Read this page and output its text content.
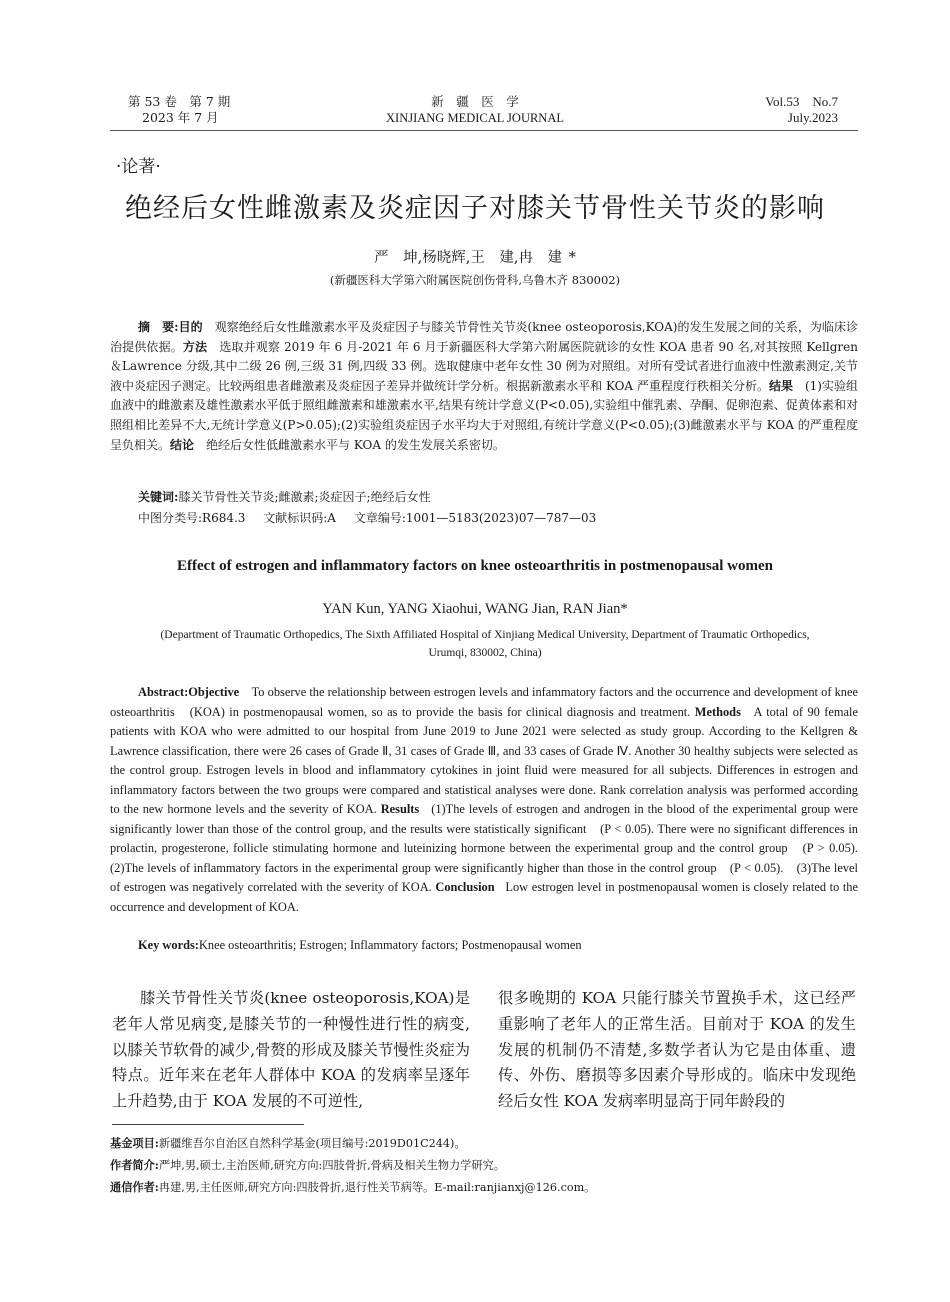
第 53 卷　第 7 期
2023 年 7 月
新　疆　医　学
XINJIANG MEDICAL JOURNAL
Vol.53　No.7
July.2023
·论著·
绝经后女性雌激素及炎症因子对膝关节骨性关节炎的影响
严　坤,杨晓辉,王　建,冉　建 *
(新疆医科大学第六附属医院创伤骨科,乌鲁木齐 830002)

摘　要:目的　 观察绝经后女性雌激素水平及炎症因子与膝关节骨性关节炎(knee osteoporosis,KOA)的发生发展之间的关系，为临床诊治提供依据。方法　 选取并观察 2019 年 6 月-2021 年 6 月于新疆医科大学第六附属医院就诊的女性 KOA 患者 90 名,对其按照 Kellgren＆Lawrence 分级,其中二级 26 例,三级 31 例,四级 33 例。选取健康中老年女性 30 例为对照组。对所有受试者进行血液中性激素测定,关节液中炎症因子测定。比较两组患者雌激素及炎症因子差异并做统计学分析。根据新激素水平和 KOA 严重程度行秩相关分析。结果　 (1)实验组血液中的雌激素及雄性激素水平低于照组雌激素和雄激素水平,结果有统计学意义(P<0.05),实验组中催乳素、孕酮、促卵泡素、促黄体素和对照组相比差异不大,无统计学意义(P>0.05);(2)实验组炎症因子水平均大于对照组,有统计学意义(P<0.05);(3)雌激素水平与 KOA 的严重程度呈负相关。结论　 绝经后女性低雌激素水平与 KOA 的发生发展关系密切。

关键词:膝关节骨性关节炎;雌激素;炎症因子;绝经后女性
中图分类号:R684.3 文献标识码:A 文章编号:1001—5183(2023)07—787—03
Effect of estrogen and inflammatory factors on knee osteoarthritis in postmenopausal women
YAN Kun, YANG Xiaohui, WANG Jian, RAN Jian*
(Department of Traumatic Orthopedics, The Sixth Affiliated Hospital of Xinjiang Medical University, Department of Traumatic Orthopedics, Urumqi, 830002, China)

Abstract:Objective To observe the relationship between estrogen levels and infammatory factors and the occurrence and development of knee osteoarthritis　(KOA) in postmenopausal women, so as to provide the basis for clinical diagnosis and treatment. Methods A total of 90 female patients with KOA who were admitted to our hospital from June 2019 to June 2021 were selected as study group. According to the Kellgren & Lawrence classification, there were 26 cases of Grade Ⅱ, 31 cases of Grade Ⅲ, and 33 cases of Grade Ⅳ. Another 30 healthy subjects were selected as the control group. Estrogen levels in blood and inflammatory cytokines in joint fluid were measured for all subjects. Differences in estrogen and inflammatory factors between the two groups were compared and statistical analyses were done. Rank correlation analysis was performed according to the new hormone levels and the severity of KOA. Results (1)The levels of estrogen and androgen in the blood of the experimental group were significantly lower than those of the control group, and the results were statistically significant　(P < 0.05). There were no significant differences in prolactin, progesterone, follicle stimulating hormone and luteinizing hormone between the experimental group and the control group　(P > 0.05).　(2)The levels of inflammatory factors in the experimental group were significantly higher than those in the control group　(P < 0.05).　(3)The level of estrogen was negatively correlated with the severity of KOA. Conclusion Low estrogen level in postmenopausal women is closely related to the occurrence and development of KOA.

Key words:Knee osteoarthritis; Estrogen; Inflammatory factors; Postmenopausal women

膝关节骨性关节炎(knee osteoporosis,KOA)是老年人常见病变,是膝关节的一种慢性进行性的病变,以膝关节软骨的减少,骨赘的形成及膝关节慢性炎症为特点。近年来在老年人群体中 KOA 的发病率呈逐年上升趋势,由于 KOA 发展的不可逆性,

很多晚期的 KOA 只能行膝关节置换手术，这已经严重影响了老年人的正常生活。目前对于 KOA 的发生发展的机制仍不清楚,多数学者认为它是由体重、遗传、外伤、磨损等多因素介导形成的。临床中发现绝经后女性 KOA 发病率明显高于同年龄段的

基金项目:新疆维吾尔自治区自然科学基金(项目编号:2019D01C244)。
作者简介:严坤,男,硕士,主治医师,研究方向:四肢骨折,骨病及相关生物力学研究。
通信作者:冉建,男,主任医师,研究方向:四肢骨折,退行性关节病等。E-mail:ranjianxj@126.com。
